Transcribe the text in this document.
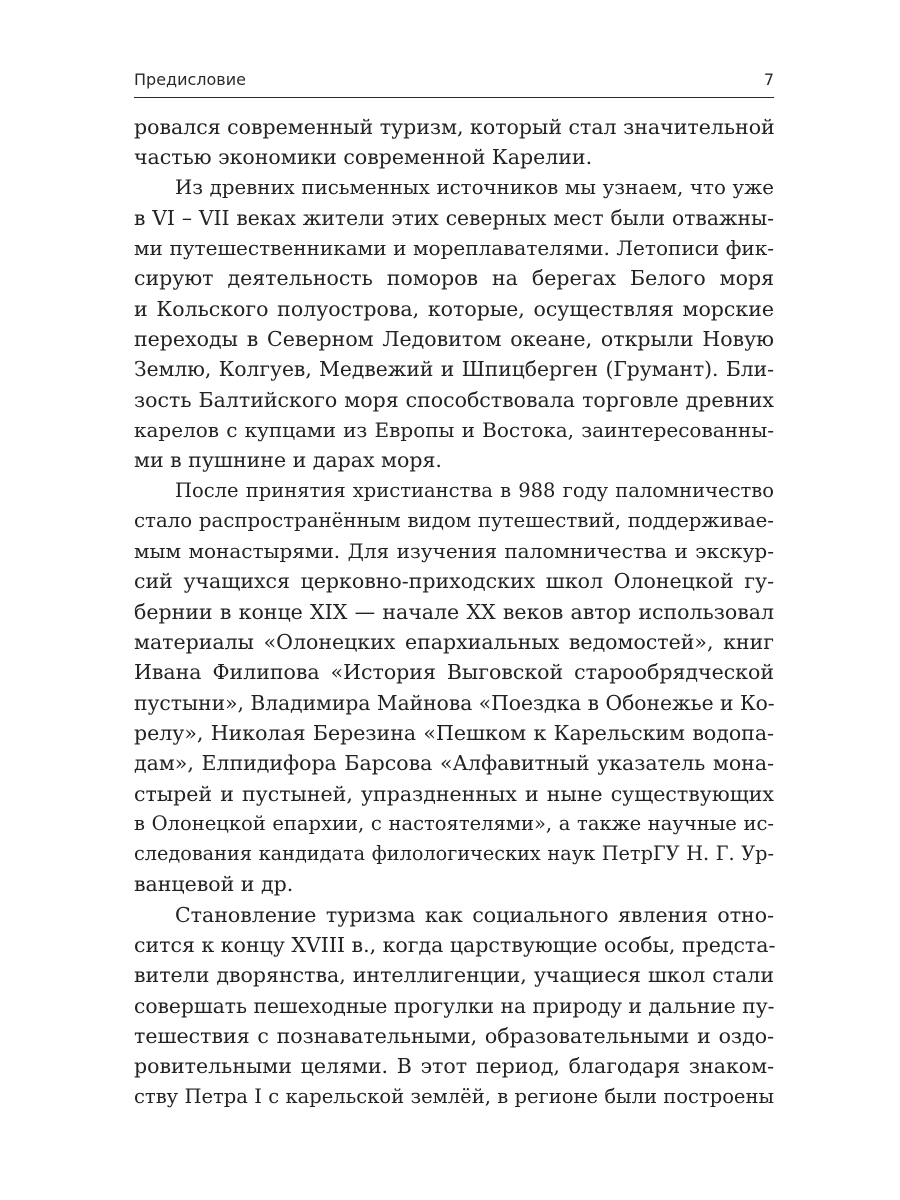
Предисловие	7
ровался современный туризм, который стал значительной
частью экономики современной Карелии.
Из древних письменных источников мы узнаем, что уже
в VI – VII веках жители этих северных мест были отважны-
ми путешественниками и мореплавателями. Летописи фик-
сируют деятельность поморов на берегах Белого моря
и Кольского полуострова, которые, осуществляя морские
переходы в Северном Ледовитом океане, открыли Новую
Землю, Колгуев, Медвежий и Шпицберген (Грумант). Бли-
зость Балтийского моря способствовала торговле древних
карелов с купцами из Европы и Востока, заинтересованны-
ми в пушнине и дарах моря.
После принятия христианства в 988 году паломничество
стало распространённым видом путешествий, поддерживае-
мым монастырями. Для изучения паломничества и экскур-
сий учащихся церковно-приходских школ Олонецкой гу-
бернии в конце XIX — начале XX веков автор использовал
материалы «Олонецких епархиальных ведомостей», книг
Ивана Филипова «История Выговской старообрядческой
пустыни», Владимира Майнова «Поездка в Обонежье и Ко-
релу», Николая Березина «Пешком к Карельским водопа-
дам», Елпидифора Барсова «Алфавитный указатель мона-
стырей и пустыней, упраздненных и ныне существующих
в Олонецкой епархии, с настоятелями», а также научные ис-
следования кандидата филологических наук ПетрГУ Н. Г. Ур-
ванцевой и др.
Становление туризма как социального явления отно-
сится к концу XVIII в., когда царствующие особы, предста-
вители дворянства, интеллигенции, учащиеся школ стали
совершать пешеходные прогулки на природу и дальние пу-
тешествия с познавательными, образовательными и оздо-
ровительными целями. В этот период, благодаря знаком-
ству Петра I с карельской землёй, в регионе были построены
